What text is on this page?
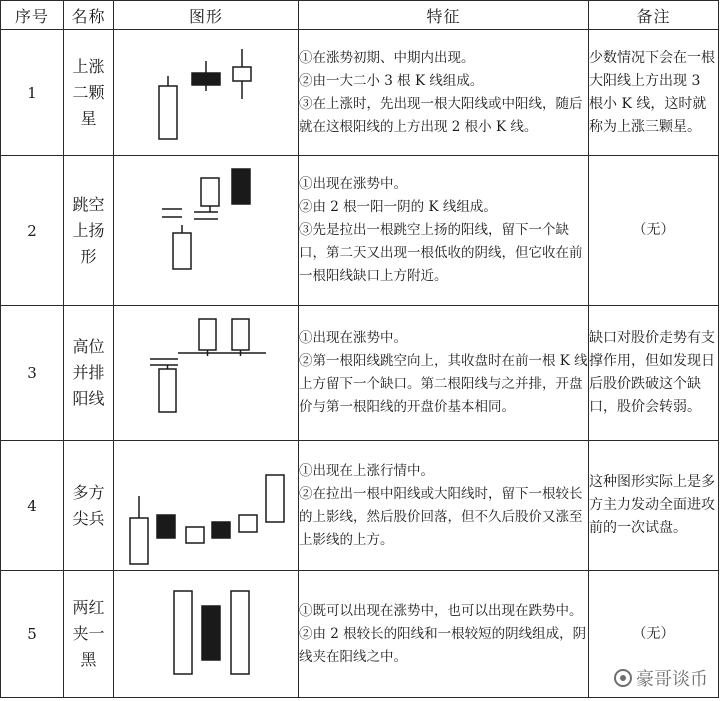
序号	名称	图形	特征	备注
1	上涨二颗星		①在涨势初期、中期内出现。
②由一大二小 3 根 K 线组成。
③在上涨时，先出现一根大阳线或中阳线，随后就在这根阳线的上方出现 2 根小 K 线。	少数情况下会在一根大阳线上方出现 3 根小 K 线，这时就称为上涨三颗星。
2	跳空上扬形		①出现在涨势中。
②由 2 根一阳一阴的 K 线组成。
③先是拉出一根跳空上扬的阳线，留下一个缺口，第二天又出现一根低收的阴线，但它收在前一根阳线缺口上方附近。	（无）
3	高位并排阳线		①出现在涨势中。
②第一根阳线跳空向上，其收盘时在前一根 K 线上方留下一个缺口。第二根阳线与之并排，开盘价与第一根阳线的开盘价基本相同。	缺口对股价走势有支撑作用，但如发现日后股价跌破这个缺口，股价会转弱。
4	多方尖兵		①出现在上涨行情中。
②在拉出一根中阳线或大阳线时，留下一根较长的上影线，然后股价回落，但不久后股价又涨至上影线的上方。	这种图形实际上是多方主力发动全面进攻前的一次试盘。
5	两红夹一黑		①既可以出现在涨势中，也可以出现在跌势中。
②由 2 根较长的阳线和一根较短的阴线组成，阴线夹在阳线之中。	（无）
豪哥谈币
